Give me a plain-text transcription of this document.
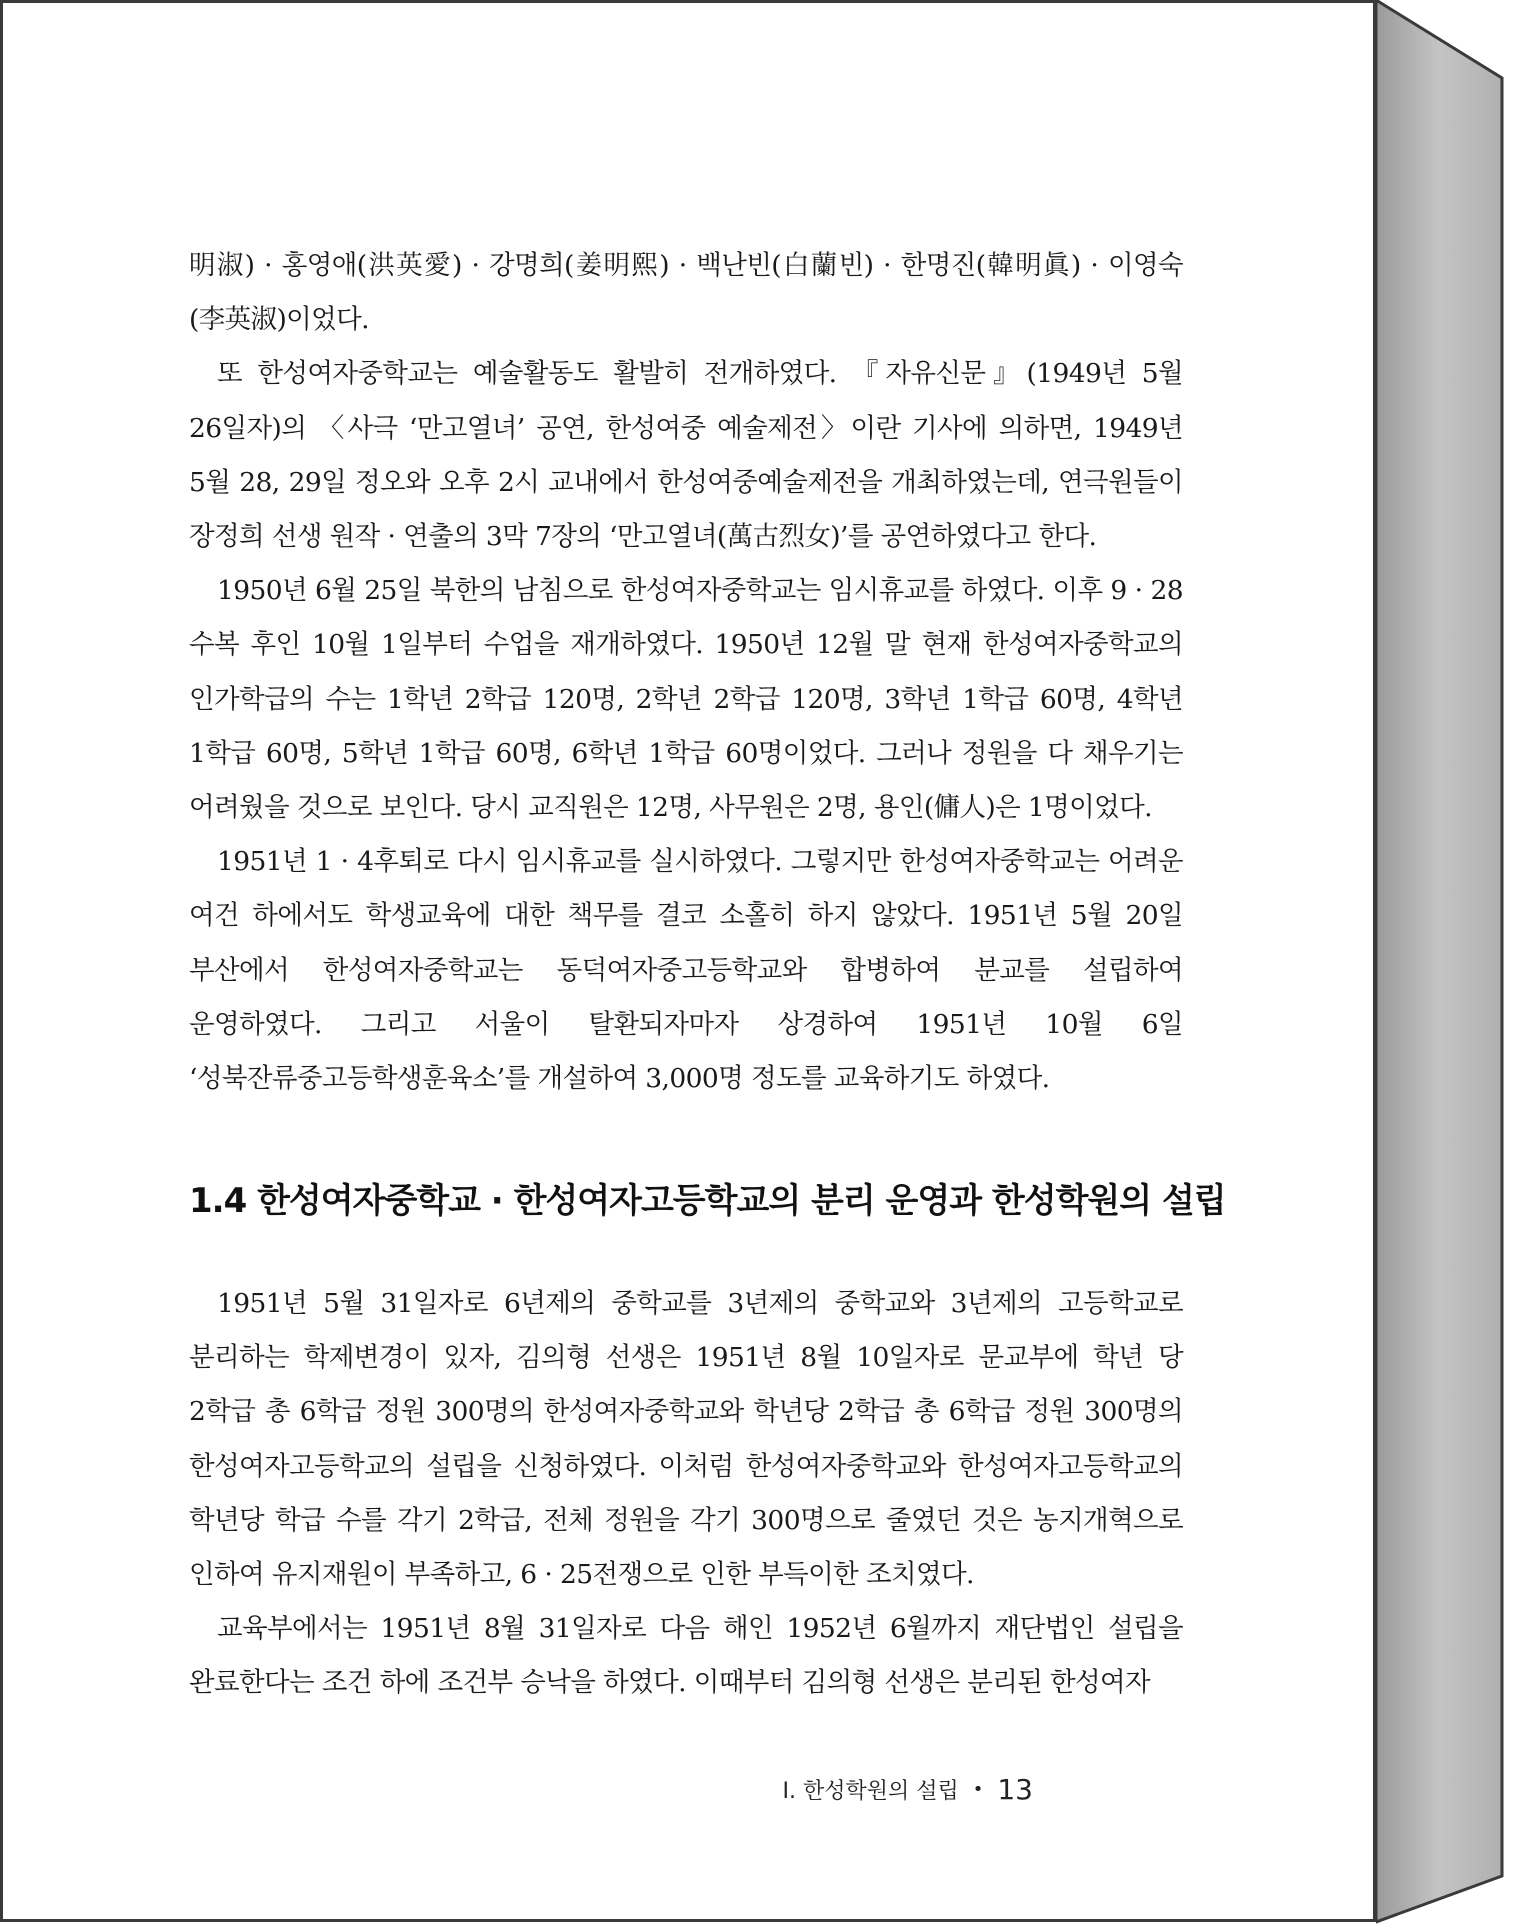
明淑) · 홍영애(洪英愛) · 강명희(姜明熙) · 백난빈(白蘭빈) · 한명진(韓明眞) · 이영숙(李英淑)이었다.

또 한성여자중학교는 예술활동도 활발히 전개하였다. 『자유신문』(1949년 5월 26일자)의 〈사극 ‘만고열녀’ 공연, 한성여중 예술제전〉이란 기사에 의하면, 1949년 5월 28, 29일 정오와 오후 2시 교내에서 한성여중예술제전을 개최하였는데, 연극원들이 장정희 선생 원작 · 연출의 3막 7장의 ‘만고열녀(萬古烈女)’를 공연하였다고 한다.

1950년 6월 25일 북한의 남침으로 한성여자중학교는 임시휴교를 하였다. 이후 9 · 28 수복 후인 10월 1일부터 수업을 재개하였다. 1950년 12월 말 현재 한성여자중학교의 인가학급의 수는 1학년 2학급 120명, 2학년 2학급 120명, 3학년 1학급 60명, 4학년 1학급 60명, 5학년 1학급 60명, 6학년 1학급 60명이었다. 그러나 정원을 다 채우기는 어려웠을 것으로 보인다. 당시 교직원은 12명, 사무원은 2명, 용인(傭人)은 1명이었다.

1951년 1 · 4후퇴로 다시 임시휴교를 실시하였다. 그렇지만 한성여자중학교는 어려운 여건 하에서도 학생교육에 대한 책무를 결코 소홀히 하지 않았다. 1951년 5월 20일 부산에서 한성여자중학교는 동덕여자중고등학교와 합병하여 분교를 설립하여 운영하였다. 그리고 서울이 탈환되자마자 상경하여 1951년 10월 6일 ‘성북잔류중고등학생훈육소’를 개설하여 3,000명 정도를 교육하기도 하였다.

1.4 한성여자중학교 · 한성여자고등학교의 분리 운영과 한성학원의 설립

1951년 5월 31일자로 6년제의 중학교를 3년제의 중학교와 3년제의 고등학교로 분리하는 학제변경이 있자, 김의형 선생은 1951년 8월 10일자로 문교부에 학년 당 2학급 총 6학급 정원 300명의 한성여자중학교와 학년당 2학급 총 6학급 정원 300명의 한성여자고등학교의 설립을 신청하였다. 이처럼 한성여자중학교와 한성여자고등학교의 학년당 학급 수를 각기 2학급, 전체 정원을 각기 300명으로 줄였던 것은 농지개혁으로 인하여 유지재원이 부족하고, 6 · 25전쟁으로 인한 부득이한 조치였다.

교육부에서는 1951년 8월 31일자로 다음 해인 1952년 6월까지 재단법인 설립을 완료한다는 조건 하에 조건부 승낙을 하였다. 이때부터 김의형 선생은 분리된 한성여자

Ⅰ. 한성학원의 설립 • 13
